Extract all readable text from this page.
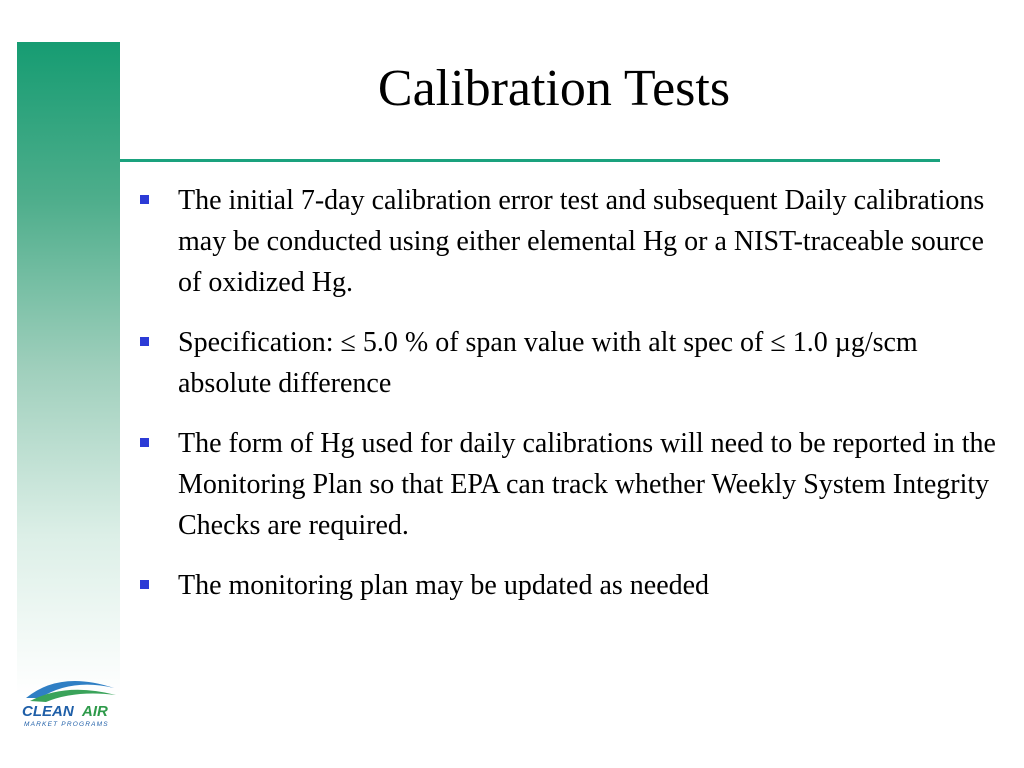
Calibration Tests
The initial 7-day calibration error test and subsequent Daily calibrations may be conducted using either elemental Hg or a NIST-traceable source of oxidized Hg.
Specification: ≤ 5.0 % of span value with alt spec of ≤ 1.0 µg/scm absolute difference
The form of Hg used for daily calibrations will need to be reported in the Monitoring Plan so that EPA can track whether Weekly System Integrity Checks are required.
The monitoring plan may be updated as needed
CLEAN AIR
MARKET PROGRAMS
